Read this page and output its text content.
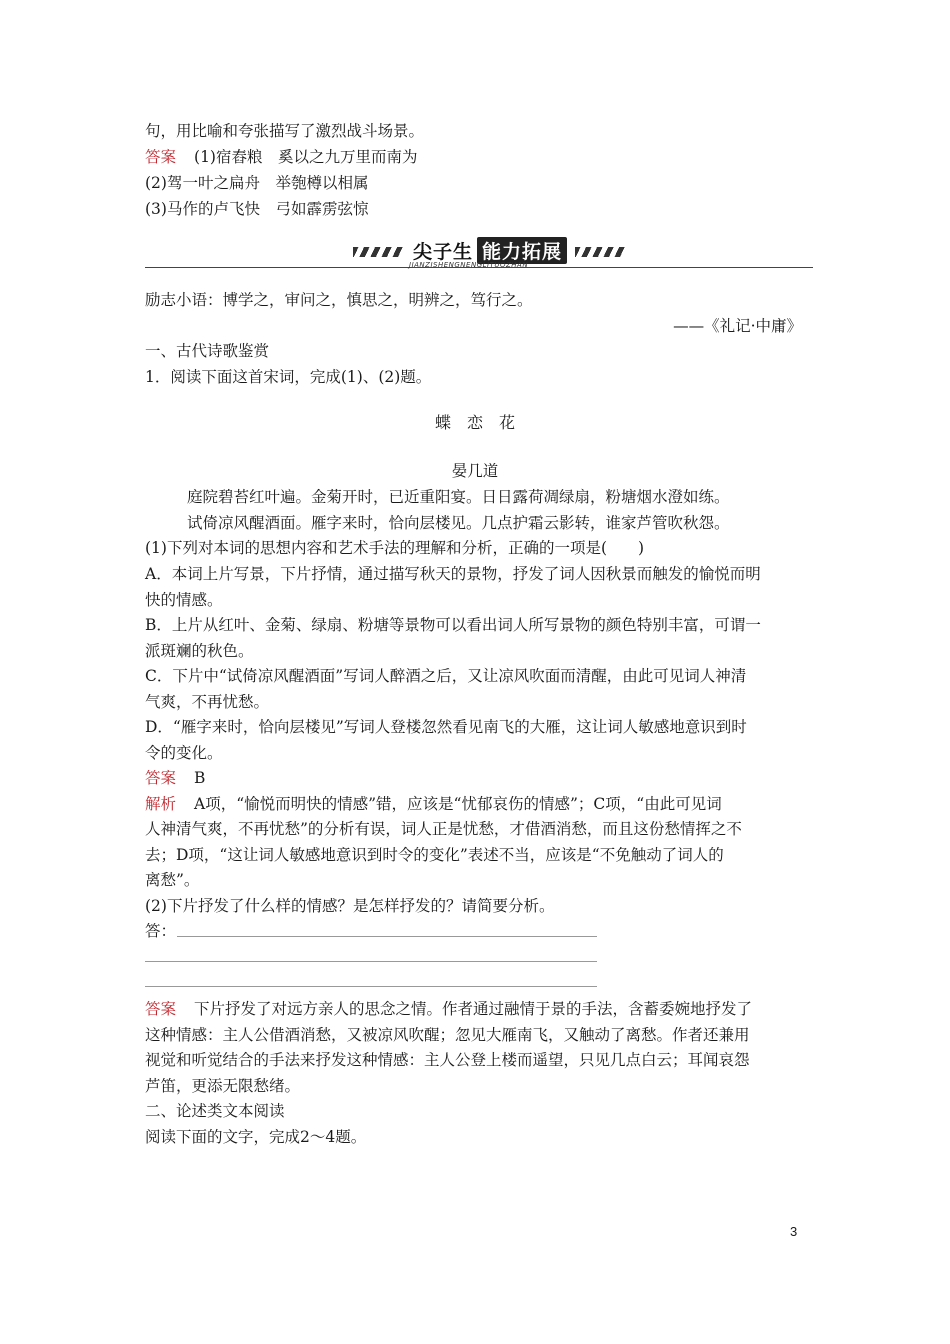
句，用比喻和夸张描写了激烈战斗场景。
答案 (1)宿舂粮　奚以之九万里而南为
(2)驾一叶之扁舟　举匏樽以相属
(3)马作的卢飞快　弓如霹雳弦惊
尖子生 能力拓展
JIANZISHENGNENGLITUOZHAN
励志小语：博学之，审问之，慎思之，明辨之，笃行之。
——《礼记·中庸》
一、古代诗歌鉴赏
1．阅读下面这首宋词，完成(1)、(2)题。
蝶　恋　花
晏几道
庭院碧苔红叶遍。金菊开时，已近重阳宴。日日露荷凋绿扇，粉塘烟水澄如练。
试倚凉风醒酒面。雁字来时，恰向层楼见。几点护霜云影转，谁家芦管吹秋怨。
(1)下列对本词的思想内容和艺术手法的理解和分析，正确的一项是(　　)
A．本词上片写景，下片抒情，通过描写秋天的景物，抒发了词人因秋景而触发的愉悦而明
快的情感。
B．上片从红叶、金菊、绿扇、粉塘等景物可以看出词人所写景物的颜色特别丰富，可谓一
派斑斓的秋色。
C．下片中“试倚凉风醒酒面”写词人醉酒之后，又让凉风吹面而清醒，由此可见词人神清
气爽，不再忧愁。
D．“雁字来时，恰向层楼见”写词人登楼忽然看见南飞的大雁，这让词人敏感地意识到时
令的变化。
答案 B
解析 A项，“愉悦而明快的情感”错，应该是“忧郁哀伤的情感”；C项，“由此可见词
人神清气爽，不再忧愁”的分析有误，词人正是忧愁，才借酒消愁，而且这份愁情挥之不
去；D项，“这让词人敏感地意识到时令的变化”表述不当，应该是“不免触动了词人的
离愁”。
(2)下片抒发了什么样的情感？是怎样抒发的？请简要分析。
答：
答案 下片抒发了对远方亲人的思念之情。作者通过融情于景的手法，含蓄委婉地抒发了
这种情感：主人公借酒消愁，又被凉风吹醒；忽见大雁南飞，又触动了离愁。作者还兼用
视觉和听觉结合的手法来抒发这种情感：主人公登上楼而遥望，只见几点白云；耳闻哀怨
芦笛，更添无限愁绪。
二、论述类文本阅读
阅读下面的文字，完成2～4题。
3
